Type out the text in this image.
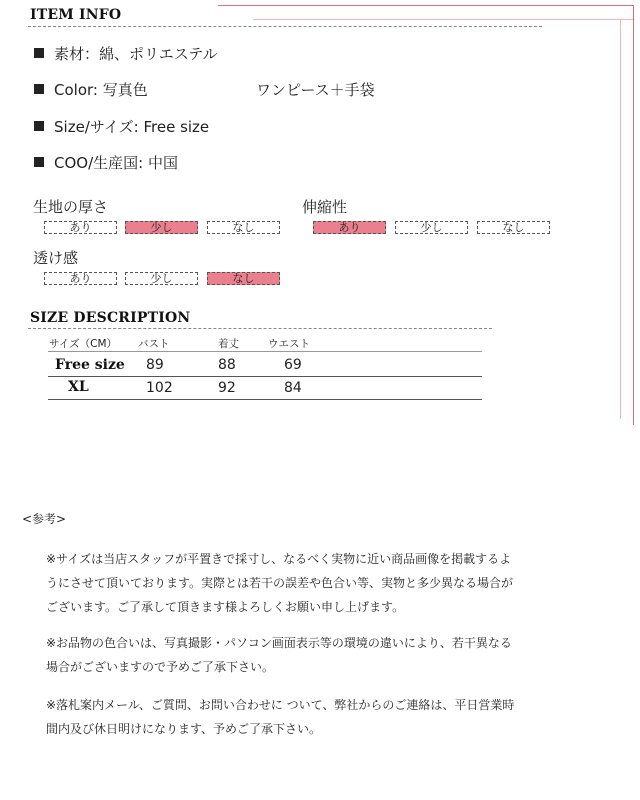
ITEM INFO
素材：綿、ポリエステル
Color: 写真色	ワンピース＋手袋
Size/サイズ: Free size
COO/生産国: 中国
生地の厚さ
あり	少し	なし
伸縮性
あり	少し	なし
透け感
あり	少し	なし
SIZE DESCRIPTION
サイズ（CM） バスト	着丈	ウエスト
Free size 89	88	69
XL	102	92	84
<参考>
※サイズは当店スタッフが平置きで採寸し、なるべく実物に近い商品画像を掲載するよ
うにさせて頂いております。実際とは若干の誤差や色合い等、実物と多少異なる場合が
ございます。ご了承して頂きます様よろしくお願い申し上げます。
※お品物の色合いは、写真撮影・パソコン画面表示等の環境の違いにより、若干異なる
場合がございますので予めご了承下さい。
※落札案内メール、ご質問、お問い合わせに ついて、弊社からのご連絡は、平日営業時
間内及び休日明けになります、予めご了承下さい。
